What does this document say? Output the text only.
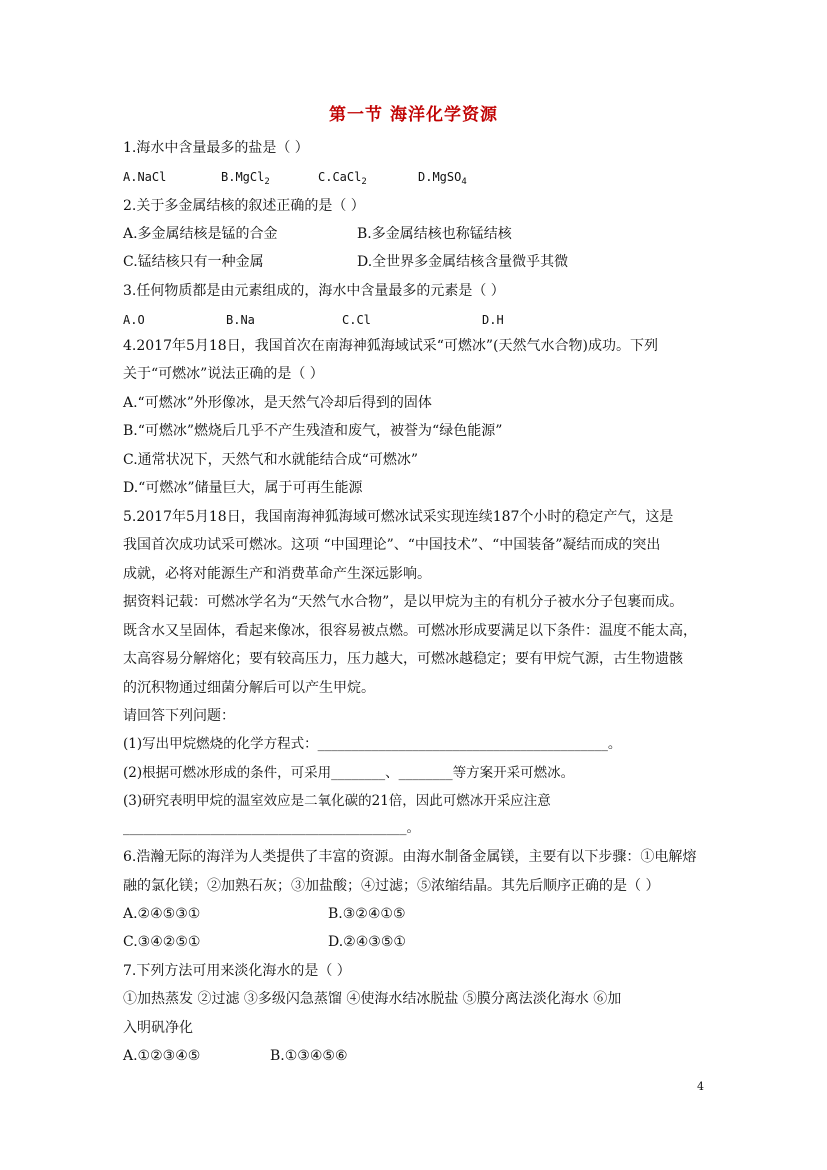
第一节 海洋化学资源
1.海水中含量最多的盐是（ ）
A.NaCl	B.MgCl$_2$	C.CaCl$_2$	D.MgSO$_4$
2.关于多金属结核的叙述正确的是（ ）
A.多金属结核是锰的合金	B.多金属结核也称锰结核
C.锰结核只有一种金属	D.全世界多金属结核含量微乎其微
3.任何物质都是由元素组成的，海水中含量最多的元素是（ ）
A.O	B.Na	C.Cl	D.H
4.2017年5月18日，我国首次在南海神狐海域试采“可燃冰”(天然气水合物)成功。下列
关于“可燃冰”说法正确的是（ ）
A.“可燃冰”外形像冰，是天然气冷却后得到的固体
B.“可燃冰”燃烧后几乎不产生残渣和废气，被誉为“绿色能源”
C.通常状况下，天然气和水就能结合成“可燃冰”
D.“可燃冰”储量巨大，属于可再生能源
5.2017年5月18日，我国南海神狐海域可燃冰试采实现连续187个小时的稳定产气，这是
我国首次成功试采可燃冰。这项 “中国理论”、“中国技术”、“中国装备”凝结而成的突出
成就，必将对能源生产和消费革命产生深远影响。
据资料记载：可燃冰学名为“天然气水合物”，是以甲烷为主的有机分子被水分子包裹而成。
既含水又呈固体，看起来像冰，很容易被点燃。可燃冰形成要满足以下条件：温度不能太高，
太高容易分解熔化；要有较高压力，压力越大，可燃冰越稳定；要有甲烷气源，古生物遗骸
的沉积物通过细菌分解后可以产生甲烷。
请回答下列问题：
(1)写出甲烷燃烧的化学方程式：___________________________________________。
(2)根据可燃冰形成的条件，可采用________、________等方案开采可燃冰。
(3)研究表明甲烷的温室效应是二氧化碳的21倍，因此可燃冰开采应注意
__________________________________________。
6.浩瀚无际的海洋为人类提供了丰富的资源。由海水制备金属镁，主要有以下步骤：①电解熔
融的氯化镁；②加熟石灰；③加盐酸；④过滤；⑤浓缩结晶。其先后顺序正确的是（ ）
A.②④⑤③①	B.③②④①⑤
C.③④②⑤①	D.②④③⑤①
7.下列方法可用来淡化海水的是（ ）
①加热蒸发 ②过滤 ③多级闪急蒸馏 ④使海水结冰脱盐 ⑤膜分离法淡化海水 ⑥加
入明矾净化
A.①②③④⑤	B.①③④⑤⑥
4
